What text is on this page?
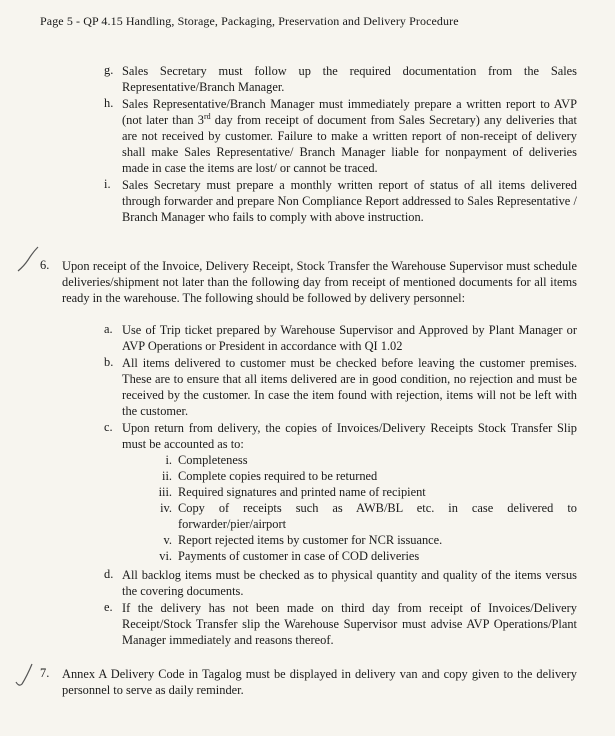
Page 5 - QP 4.15 Handling, Storage, Packaging, Preservation and Delivery Procedure
g. Sales Secretary must follow up the required documentation from the Sales Representative/Branch Manager.
h. Sales Representative/Branch Manager must immediately prepare a written report to AVP (not later than 3rd day from receipt of document from Sales Secretary) any deliveries that are not received by customer. Failure to make a written report of non-receipt of delivery shall make Sales Representative/ Branch Manager liable for nonpayment of deliveries made in case the items are lost/ or cannot be traced.
i. Sales Secretary must prepare a monthly written report of status of all items delivered through forwarder and prepare Non Compliance Report addressed to Sales Representative / Branch Manager who fails to comply with above instruction.
6. Upon receipt of the Invoice, Delivery Receipt, Stock Transfer the Warehouse Supervisor must schedule deliveries/shipment not later than the following day from receipt of mentioned documents for all items ready in the warehouse. The following should be followed by delivery personnel:
a. Use of Trip ticket prepared by Warehouse Supervisor and Approved by Plant Manager or AVP Operations or President in accordance with QI 1.02
b. All items delivered to customer must be checked before leaving the customer premises. These are to ensure that all items delivered are in good condition, no rejection and must be received by the customer. In case the item found with rejection, items will not be left with the customer.
c. Upon return from delivery, the copies of Invoices/Delivery Receipts Stock Transfer Slip must be accounted as to:
i. Completeness
ii. Complete copies required to be returned
iii. Required signatures and printed name of recipient
iv. Copy of receipts such as AWB/BL etc. in case delivered to forwarder/pier/airport
v. Report rejected items by customer for NCR issuance.
vi. Payments of customer in case of COD deliveries
d. All backlog items must be checked as to physical quantity and quality of the items versus the covering documents.
e. If the delivery has not been made on third day from receipt of Invoices/Delivery Receipt/Stock Transfer slip the Warehouse Supervisor must advise AVP Operations/Plant Manager immediately and reasons thereof.
7. Annex A Delivery Code in Tagalog must be displayed in delivery van and copy given to the delivery personnel to serve as daily reminder.
